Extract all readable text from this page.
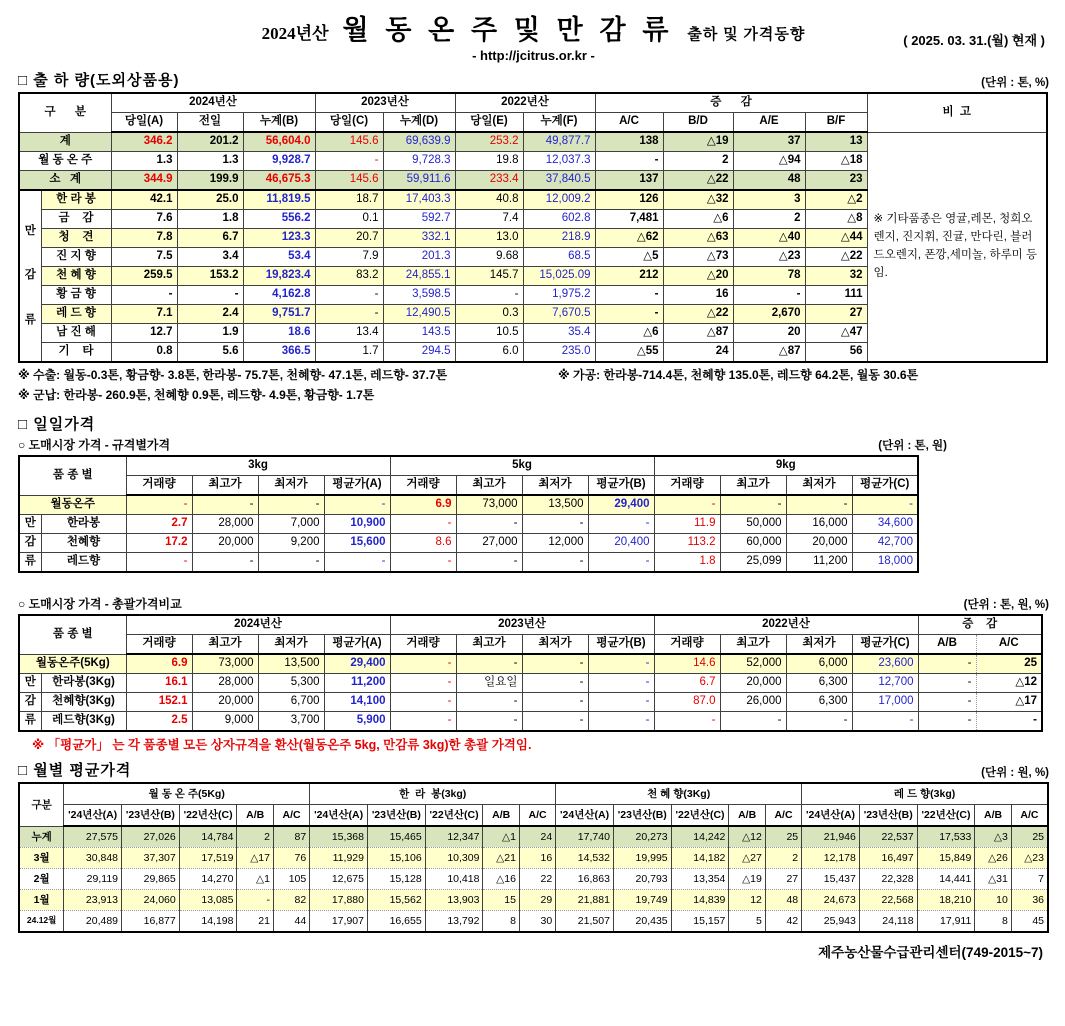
2024년산 월 동 온 주 및 만 감 류 출하 및 가격동향
- http://jcitrus.or.kr -
( 2025. 03. 31.(월) 현재 )
□ 출 하 량(도외상품용)	(단위 : 톤, %)
구      분		2024년산			2023년산		2022년산		증      감				비  고
		당일(A)	전일	누계(B)	당일(C)	누계(D)	당일(E)	누계(F)	A/C	B/D	A/E	B/F	
계		346.2	201.2	56,604.0	145.6	69,639.9	253.2	49,877.7	138	△19	37	13	※ 기타품종은 영귤,레몬, 청희오렌지, 진지휘, 진귤, 만다린, 블러드오렌지, 폰깡,세미놀, 하루미 등 임.
월 동 온 주		1.3	1.3	9,928.7	-	9,728.3	19.8	12,037.3	-	2	△94	△18	
소   계		344.9	199.9	46,675.3	145.6	59,911.6	233.4	37,840.5	137	△22	48	23	

만
감
류	한 라 봉	42.1	25.0	11,819.5	18.7	17,403.3	40.8	12,009.2	126	△32	3	△2	
	금    감	7.6	1.8	556.2	0.1	592.7	7.4	602.8	7,481	△6	2	△8	
	청    견	7.8	6.7	123.3	20.7	332.1	13.0	218.9	△62	△63	△40	△44	
	진 지 향	7.5	3.4	53.4	7.9	201.3	9.68	68.5	△5	△73	△23	△22	
	천 혜 향	259.5	153.2	19,823.4	83.2	24,855.1	145.7	15,025.09	212	△20	78	32	
	황 금 향	-	-	4,162.8	-	3,598.5	-	1,975.2	-	16	-	111	
	레 드 향	7.1	2.4	9,751.7	-	12,490.5	0.3	7,670.5	-	△22	2,670	27	
	남 진 해	12.7	1.9	18.6	13.4	143.5	10.5	35.4	△6	△87	20	△47	
	기    타	0.8	5.6	366.5	1.7	294.5	6.0	235.0	△55	24	△87	56	
※ 수출: 월동-0.3톤, 황금향- 3.8톤, 한라봉- 75.7톤, 천혜향- 47.1톤, 레드향- 37.7톤	※ 가공: 한라봉-714.4톤, 천혜향 135.0톤, 레드향 64.2톤, 월동 30.6톤
※ 군납: 한라봉- 260.9톤, 천혜향 0.9톤, 레드향- 4.9톤, 황금향- 1.7톤
□ 일일가격
○ 도매시장 가격 - 규격별가격	(단위 : 톤, 원)
품 종 별		3kg				5kg				9kg			
		거래량	최고가	최저가	평균가(A)	거래량	최고가	최저가	평균가(B)	거래량	최고가	최저가	평균가(C)
월동온주		-	-	-	-	6.9	73,000	13,500	29,400	-	-	-	-
만	한라봉	2.7	28,000	7,000	10,900	-	-	-	-	11.9	50,000	16,000	34,600
감	천혜향	17.2	20,000	9,200	15,600	8.6	27,000	12,000	20,400	113.2	60,000	20,000	42,700
류	레드향	-	-	-	-	-	-	-	-	1.8	25,099	11,200	18,000
○ 도매시장 가격 - 총괄가격비교	(단위 : 톤, 원, %)
품 종 별		2024년산				2023년산				2022년산				증    감	
		거래량	최고가	최저가	평균가(A)	거래량	최고가	최저가	평균가(B)	거래량	최고가	최저가	평균가(C)	A/B	A/C
월동온주(5Kg)		6.9	73,000	13,500	29,400	-	-	-	-	14.6	52,000	6,000	23,600	-	25
만	한라봉(3Kg)	16.1	28,000	5,300	11,200	-	일요일	-	-	6.7	20,000	6,300	12,700	-	△12
감	천혜향(3Kg)	152.1	20,000	6,700	14,100	-	-	-	-	87.0	26,000	6,300	17,000	-	△17
류	레드향(3Kg)	2.5	9,000	3,700	5,900	-	-	-	-	-	-	-	-	-	-
※ 「평균가」 는 각 품종별 모든 상자규격을 환산(월동온주 5kg, 만감류 3kg)한 총괄 가격임.
□ 월별 평균가격	(단위 : 원, %)
구분	월 동 온 주(5Kg)					한  라  봉(3kg)					천 혜 향(3Kg)					레 드 향(3kg)				
	'24년산(A)	'23년산(B)	'22년산(C)	A/B	A/C	'24년산(A)	'23년산(B)	'22년산(C)	A/B	A/C	'24년산(A)	'23년산(B)	'22년산(C)	A/B	A/C	'24년산(A)	'23년산(B)	'22년산(C)	A/B	A/C
누계	27,575	27,026	14,784	2	87	15,368	15,465	12,347	△1	24	17,740	20,273	14,242	△12	25	21,946	22,537	17,533	△3	25
3월	30,848	37,307	17,519	△17	76	11,929	15,106	10,309	△21	16	14,532	19,995	14,182	△27	2	12,178	16,497	15,849	△26	△23
2월	29,119	29,865	14,270	△1	105	12,675	15,128	10,418	△16	22	16,863	20,793	13,354	△19	27	15,437	22,328	14,441	△31	7
1월	23,913	24,060	13,085	-	82	17,880	15,562	13,903	15	29	21,881	19,749	14,839	12	48	24,673	22,568	18,210	10	36
24.12월	20,489	16,877	14,198	21	44	17,907	16,655	13,792	8	30	21,507	20,435	15,157	5	42	25,943	24,118	17,911	8	45
제주농산물수급관리센터(749-2015~7)
